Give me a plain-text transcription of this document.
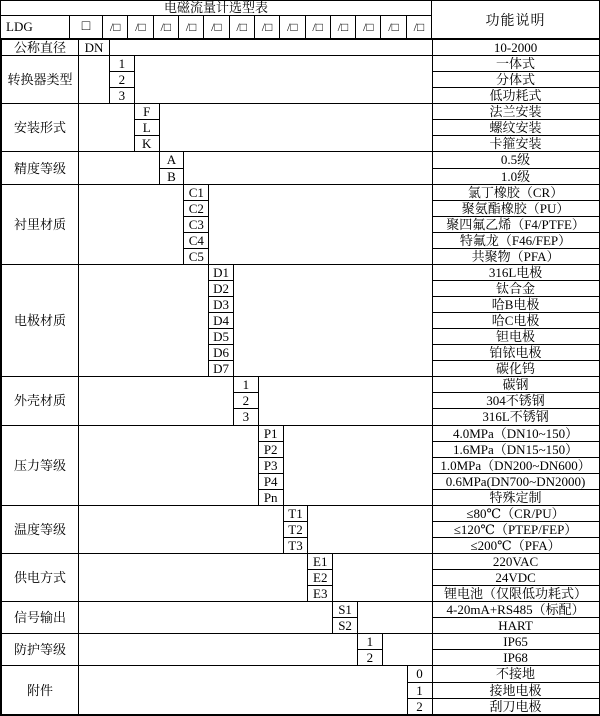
电磁流量计选型表
LDG	□	/□	/□	/□	/□	/□	/□	/□	/□	/□	/□	/□	/□	/□	功能说明
公称直径	DN														10-2000
转换器类型		1													一体式
		2													分体式
		3													低功耗式
安装形式			F												法兰安装
			L												螺纹安装
			K												卡箍安装
精度等级				A											0.5级
				B											1.0级
衬里材质					C1										氯丁橡胶（CR）
					C2										聚氨酯橡胶（PU）
					C3										聚四氟乙烯（F4/PTFE）
					C4										特氟龙（F46/FEP）
					C5										共聚物（PFA）
电极材质						D1									316L电极
						D2									钛合金
						D3									哈B电极
						D4									哈C电极
						D5									钽电极
						D6									铂铱电极
						D7									碳化钨
外壳材质							1								碳钢
							2								304不锈钢
							3								316L不锈钢
压力等级								P1							4.0MPa（DN10~150）
								P2							1.6MPa（DN15~150）
								P3							1.0MPa（DN200~DN600）
								P4							0.6MPa(DN700~DN2000)
								Pn							特殊定制
温度等级									T1						≤80℃（CR/PU）
									T2						≤120℃（PTEP/FEP）
									T3						≤200℃（PFA）
供电方式										E1					220VAC
										E2					24VDC
										E3					锂电池（仅限低功耗式）
信号输出											S1				4-20mA+RS485（标配）
											S2				HART
防护等级												1			IP65
												2			IP68
附件														0	不接地
														1	接地电极
														2	刮刀电极
